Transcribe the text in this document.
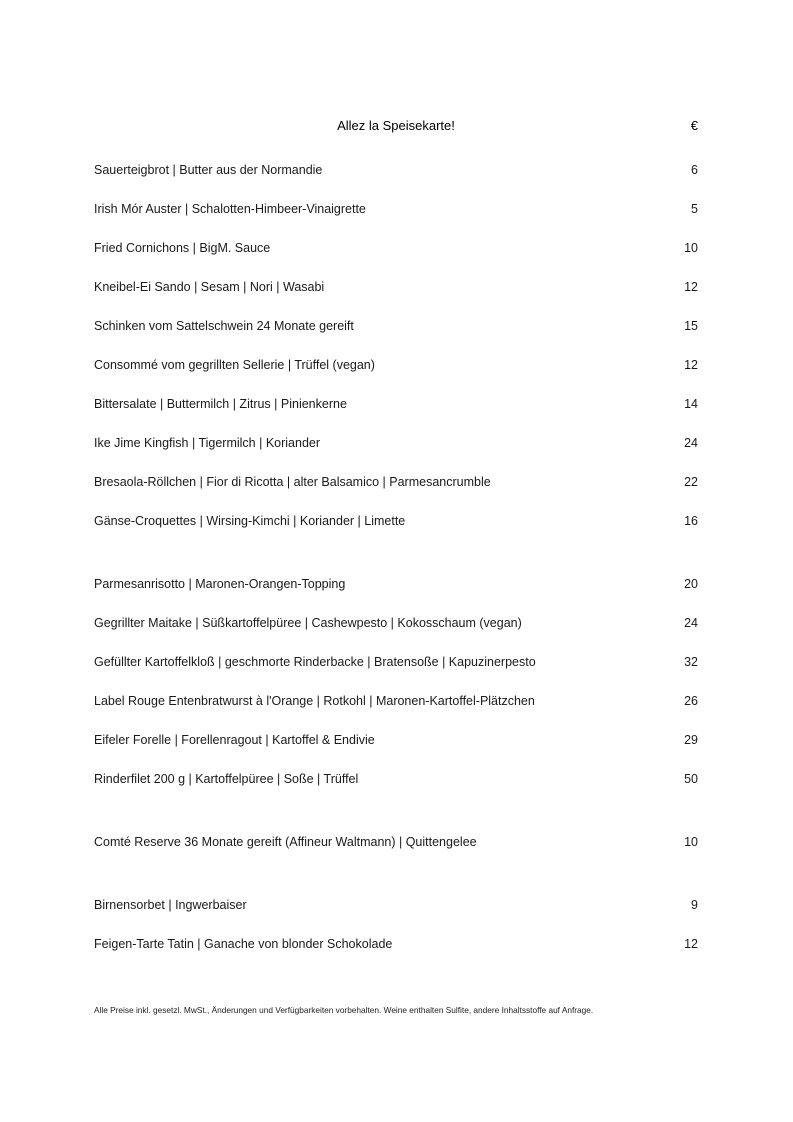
Allez la Speisekarte!	€
Sauerteigbrot | Butter aus der Normandie	6
Irish Mór Auster | Schalotten-Himbeer-Vinaigrette	5
Fried Cornichons | BigM. Sauce	10
Kneibel-Ei Sando | Sesam | Nori | Wasabi	12
Schinken vom Sattelschwein 24 Monate gereift	15
Consommé vom gegrillten Sellerie | Trüffel (vegan)	12
Bittersalate | Buttermilch | Zitrus | Pinienkerne	14
Ike Jime Kingfish | Tigermilch | Koriander	24
Bresaola-Röllchen | Fior di Ricotta | alter Balsamico | Parmesancrumble	22
Gänse-Croquettes | Wirsing-Kimchi | Koriander | Limette	16
Parmesanrisotto | Maronen-Orangen-Topping	20
Gegrillter Maitake | Süßkartoffelpüree | Cashewpesto | Kokosschaum (vegan)	24
Gefüllter Kartoffelkloß | geschmorte Rinderbacke | Bratensoße | Kapuzinerpesto	32
Label Rouge Entenbratwurst à l'Orange | Rotkohl | Maronen-Kartoffel-Plätzchen	26
Eifeler Forelle | Forellenragout | Kartoffel & Endivie	29
Rinderfilet 200 g | Kartoffelpüree | Soße | Trüffel	50
Comté Reserve 36 Monate gereift (Affineur Waltmann) | Quittengelee	10
Birnensorbet | Ingwerbaiser	9
Feigen-Tarte Tatin | Ganache von blonder Schokolade	12
Alle Preise inkl. gesetzl. MwSt., Änderungen und Verfügbarkeiten vorbehalten. Weine enthalten Sulfite, andere Inhaltsstoffe auf Anfrage.
